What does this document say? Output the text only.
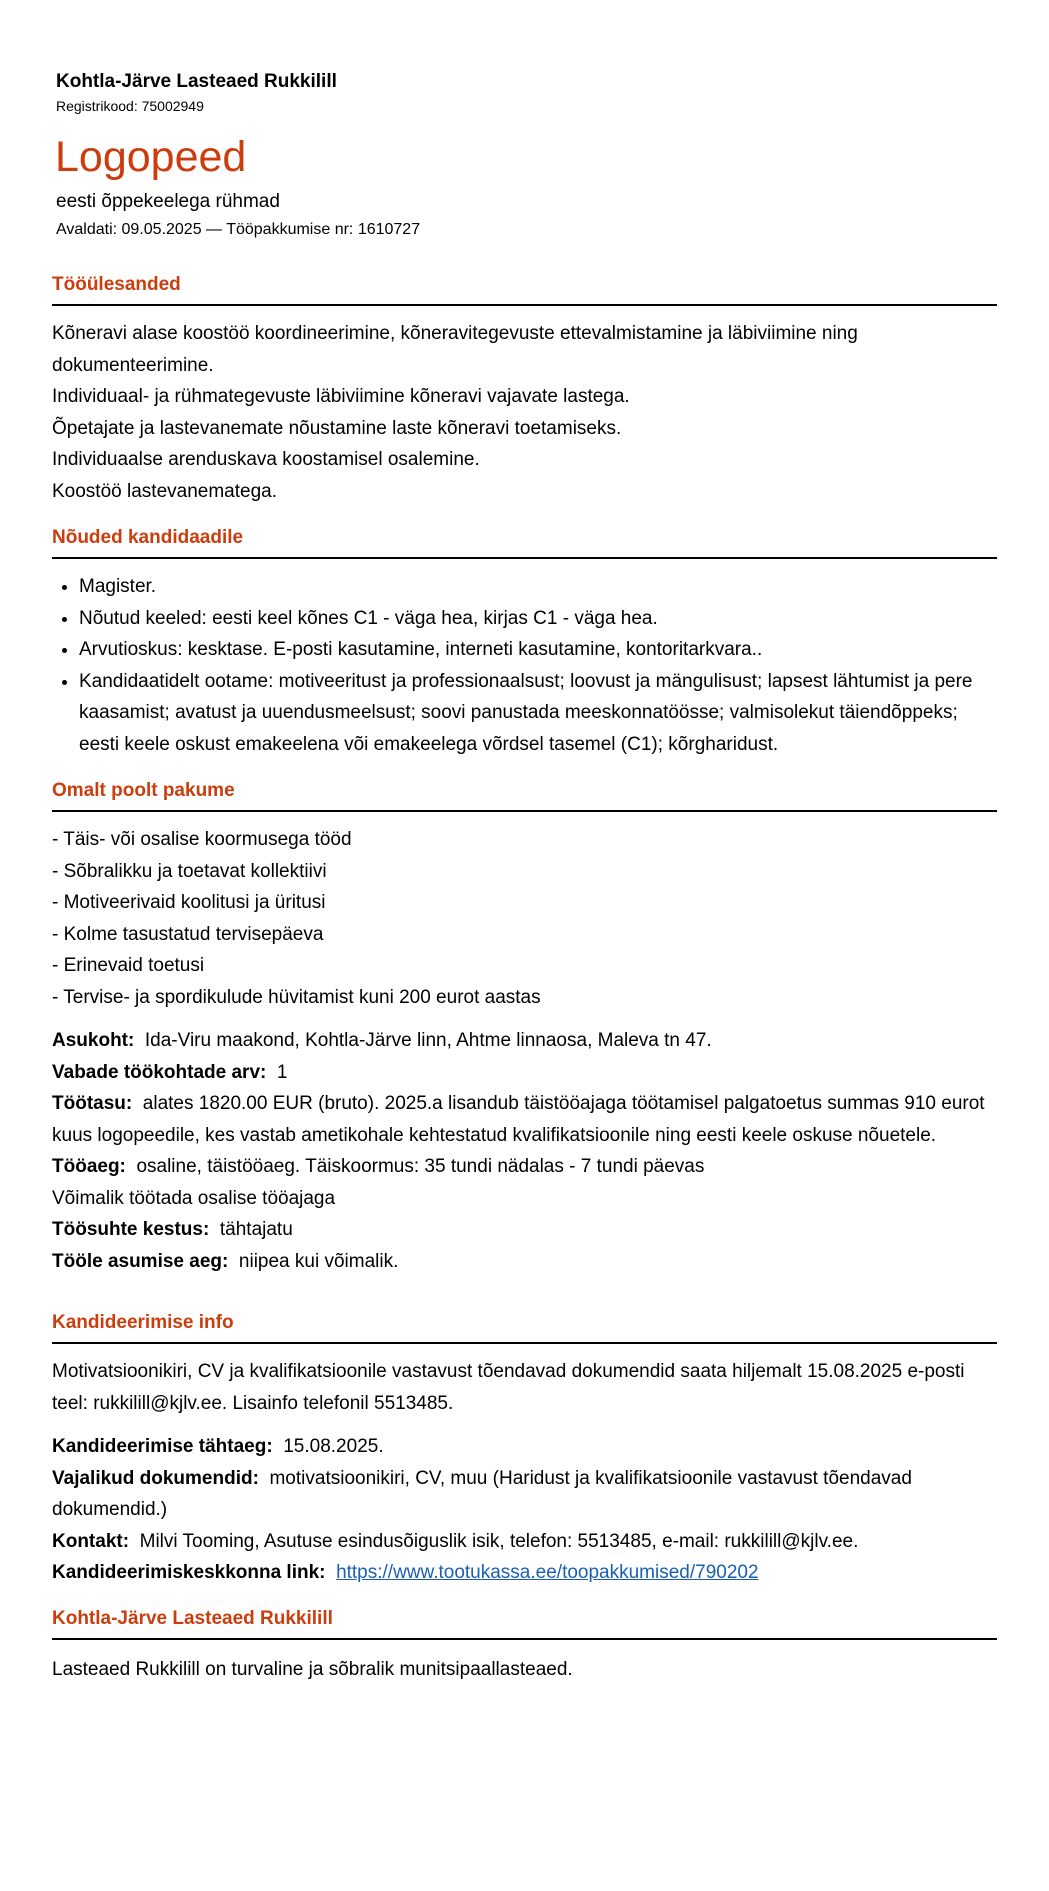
Kohtla-Järve Lasteaed Rukkilill
Registrikood: 75002949
Logopeed
eesti õppekeelega rühmad
Avaldati: 09.05.2025 — Tööpakkumise nr: 1610727
Tööülesanded
Kõneravi alase koostöö koordineerimine, kõneravitegevuste ettevalmistamine ja läbiviimine ning dokumenteerimine.
Individuaal- ja rühmategevuste läbiviimine kõneravi vajavate lastega.
Õpetajate ja lastevanemate nõustamine laste kõneravi toetamiseks.
Individuaalse arenduskava koostamisel osalemine.
Koostöö lastevanematega.
Nõuded kandidaadile
• Magister.
• Nõutud keeled: eesti keel kõnes C1 - väga hea, kirjas C1 - väga hea.
• Arvutioskus: kesktase. E-posti kasutamine, interneti kasutamine, kontoritarkvara..
• Kandidaatidelt ootame: motiveeritust ja professionaalsust; loovust ja mängulisust; lapsest lähtumist ja pere kaasamist; avatust ja uuendusmeelsust; soovi panustada meeskonnatöösse; valmisolekut täiendõppeks; eesti keele oskust emakeelena või emakeelega võrdsel tasemel (C1); kõrgharidust.
Omalt poolt pakume
- Täis- või osalise koormusega tööd
- Sõbralikku ja toetavat kollektiivi
- Motiveerivaid koolitusi ja üritusi
- Kolme tasustatud tervisepäeva
- Erinevaid toetusi
- Tervise- ja spordikulude hüvitamist kuni 200 eurot aastas
Asukoht: Ida-Viru maakond, Kohtla-Järve linn, Ahtme linnaosa, Maleva tn 47.
Vabade töökohtade arv: 1
Töötasu: alates 1820.00 EUR (bruto). 2025.a lisandub täistööajaga töötamisel palgatoetus summas 910 eurot kuus logopeedile, kes vastab ametikohale kehtestatud kvalifikatsioonile ning eesti keele oskuse nõuetele.
Tööaeg: osaline, täistööaeg. Täiskoormus: 35 tundi nädalas - 7 tundi päevas
Võimalik töötada osalise tööajaga
Töösuhte kestus: tähtajatu
Tööle asumise aeg: niipea kui võimalik.
Kandideerimise info
Motivatsioonikiri, CV ja kvalifikatsioonile vastavust tõendavad dokumendid saata hiljemalt 15.08.2025 e-posti teel: rukkilill@kjlv.ee. Lisainfo telefonil 5513485.
Kandideerimise tähtaeg: 15.08.2025.
Vajalikud dokumendid: motivatsioonikiri, CV, muu (Haridust ja kvalifikatsioonile vastavust tõendavad dokumendid.)
Kontakt: Milvi Tooming, Asutuse esindusõiguslik isik, telefon: 5513485, e-mail: rukkilill@kjlv.ee.
Kandideerimiskeskkonna link: https://www.tootukassa.ee/toopakkumised/790202
Kohtla-Järve Lasteaed Rukkilill
Lasteaed Rukkilill on turvaline ja sõbralik munitsipaallasteaed.
